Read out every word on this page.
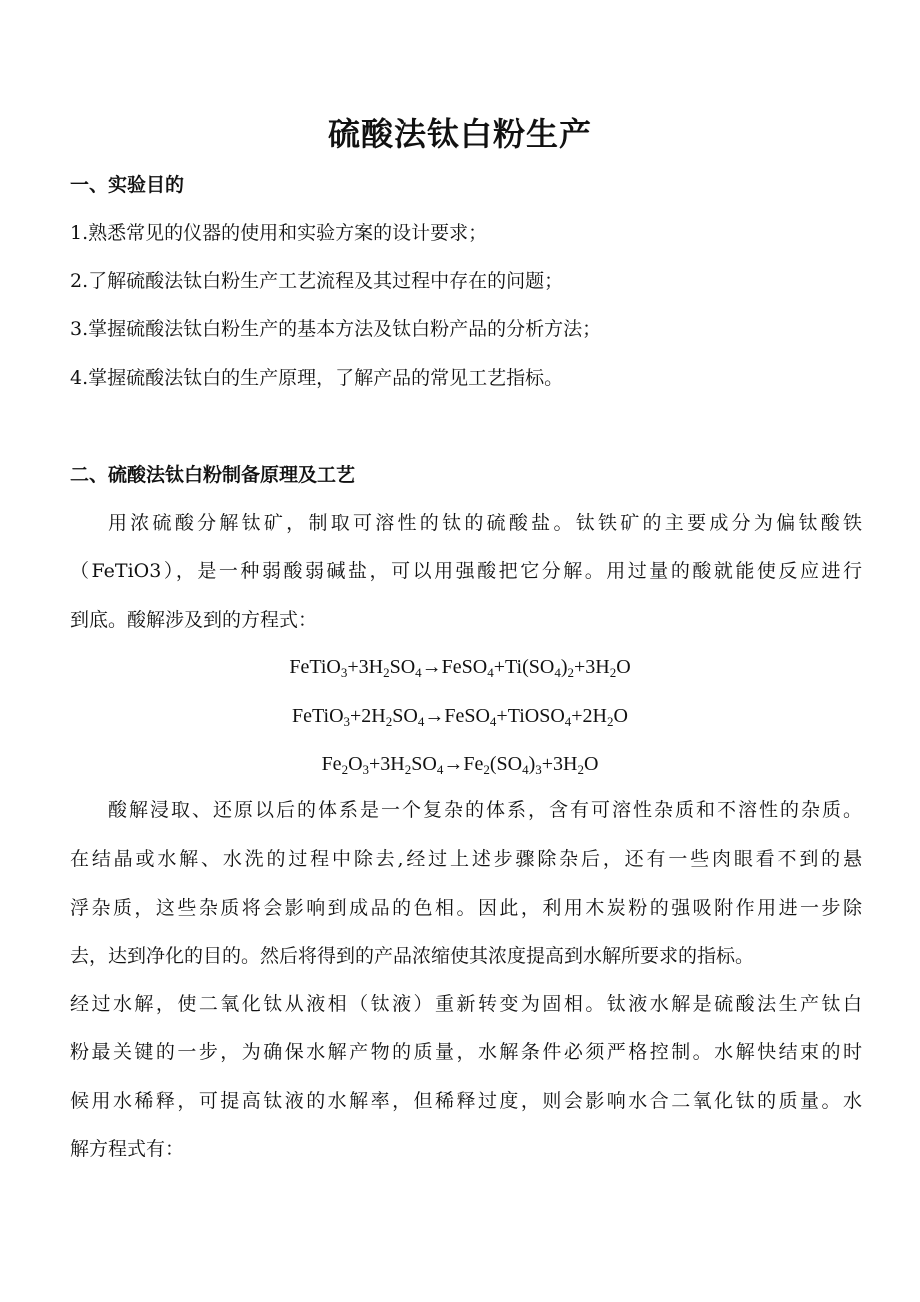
硫酸法钛白粉生产
一、实验目的

1.熟悉常见的仪器的使用和实验方案的设计要求；

2.了解硫酸法钛白粉生产工艺流程及其过程中存在的问题；

3.掌握硫酸法钛白粉生产的基本方法及钛白粉产品的分析方法；

4.掌握硫酸法钛白的生产原理，了解产品的常见工艺指标。

二、硫酸法钛白粉制备原理及工艺

用浓硫酸分解钛矿，制取可溶性的钛的硫酸盐。钛铁矿的主要成分为偏钛酸铁

（FeTiO3），是一种弱酸弱碱盐，可以用强酸把它分解。用过量的酸就能使反应进行

到底。酸解涉及到的方程式：

$FeTiO_3+3H_2SO_4\to FeSO_4+Ti(SO_4)_2+3H_2O$

$FeTiO_3+2H_2SO_4\to FeSO_4+TiOSO_4+2H_2O$

$Fe_2O_3+3H_2SO_4\to Fe_2(SO_4)_3+3H_2O$

酸解浸取、还原以后的体系是一个复杂的体系，含有可溶性杂质和不溶性的杂质。

在结晶或水解、水洗的过程中除去,经过上述步骤除杂后，还有一些肉眼看不到的悬

浮杂质，这些杂质将会影响到成品的色相。因此，利用木炭粉的强吸附作用进一步除

去，达到净化的目的。然后将得到的产品浓缩使其浓度提高到水解所要求的指标。

经过水解，使二氧化钛从液相（钛液）重新转变为固相。钛液水解是硫酸法生产钛白

粉最关键的一步，为确保水解产物的质量，水解条件必须严格控制。水解快结束的时

候用水稀释，可提高钛液的水解率，但稀释过度，则会影响水合二氧化钛的质量。水

解方程式有：
